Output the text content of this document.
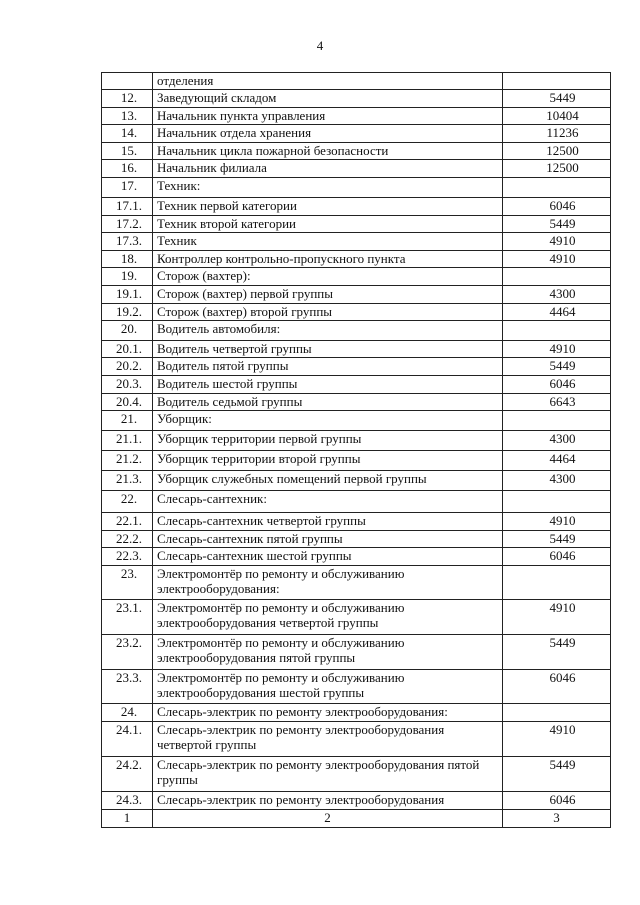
4
	отделения	
12.	Заведующий складом	5449
13.	Начальник пункта управления	10404
14.	Начальник отдела хранения	11236
15.	Начальник цикла пожарной безопасности	12500
16.	Начальник филиала	12500
17.	Техник:	
17.1.	Техник первой категории	6046
17.2.	Техник второй категории	5449
17.3.	Техник	4910
18.	Контроллер контрольно-пропускного пункта	4910
19.	Сторож (вахтер):	
19.1.	Сторож (вахтер) первой группы	4300
19.2.	Сторож (вахтер) второй группы	4464
20.	Водитель автомобиля:	
20.1.	Водитель четвертой группы	4910
20.2.	Водитель пятой группы	5449
20.3.	Водитель шестой группы	6046
20.4.	Водитель седьмой группы	6643
21.	Уборщик:	
21.1.	Уборщик территории первой группы	4300
21.2.	Уборщик территории второй группы	4464
21.3.	Уборщик служебных помещений первой группы	4300
22.	Слесарь-сантехник:	
22.1.	Слесарь-сантехник четвертой группы	4910
22.2.	Слесарь-сантехник пятой группы	5449
22.3.	Слесарь-сантехник шестой группы	6046
23.	Электромонтёр по ремонту и обслуживанию электрооборудования:	
23.1.	Электромонтёр по ремонту и обслуживанию электрооборудования четвертой группы	4910
23.2.	Электромонтёр по ремонту и обслуживанию электрооборудования пятой группы	5449
23.3.	Электромонтёр по ремонту и обслуживанию электрооборудования шестой группы	6046
24.	Слесарь-электрик по ремонту электрооборудования:	
24.1.	Слесарь-электрик по ремонту электрооборудования четвертой группы	4910
24.2.	Слесарь-электрик по ремонту электрооборудования пятой группы	5449
24.3.	Слесарь-электрик по ремонту электрооборудования	6046
1	2	3
